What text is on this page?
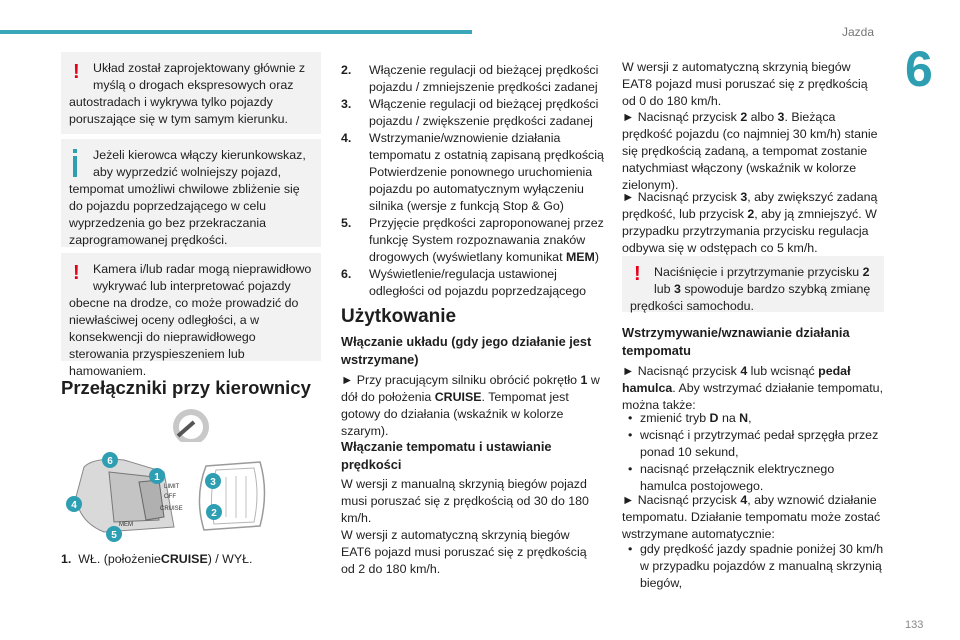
Jazda
6
133
!	Układ został zaprojektowany głównie z

myślą o drogach ekspresowych oraz

autostradach i wykrywa tylko pojazdy poruszające się w tym samym kierunku.

Jeżeli kierowca włączy kierunkowskaz,

aby wyprzedzić wolniejszy pojazd,

tempomat umożliwi chwilowe zbliżenie się do pojazdu poprzedzającego w celu wyprzedzenia go bez przekraczania zaprogramowanej prędkości.

!	Kamera i/lub radar mogą nieprawidłowo

wykrywać lub interpretować pojazdy

obecne na drodze, co może prowadzić do niewłaściwej oceny odległości, a w konsekwencji do nieprawidłowego sterowania przyspieszeniem lub hamowaniem.

Przełączniki przy kierownicy
LIMIT
OFF
CRUISE
MEM
6
1
4
5
3
2
1. WŁ. (położenieCRUISE) / WYŁ.
2. Włączenie regulacji od bieżącej prędkości pojazdu / zmniejszenie prędkości zadanej
3. Włączenie regulacji od bieżącej prędkości pojazdu / zwiększenie prędkości zadanej
4. Wstrzymanie/wznowienie działania tempomatu z ostatnią zapisaną prędkością Potwierdzenie ponownego uruchomienia pojazdu po automatycznym wyłączeniu silnika (wersje z funkcją Stop & Go)
5. Przyjęcie prędkości zaproponowanej przez funkcję System rozpoznawania znaków drogowych (wyświetlany komunikat MEM)
6. Wyświetlenie/regulacja ustawionej odległości od pojazdu poprzedzającego
Użytkowanie
Włączanie układu (gdy jego działanie jest wstrzymane)

► Przy pracującym silniku obrócić pokrętło 1 w dół do położenia CRUISE. Tempomat jest gotowy do działania (wskaźnik w kolorze szarym).

Włączanie tempomatu i ustawianie prędkości

W wersji z manualną skrzynią biegów pojazd musi poruszać się z prędkością od 30 do 180 km/h.

W wersji z automatyczną skrzynią biegów EAT6 pojazd musi poruszać się z prędkością od 2 do 180 km/h.

W wersji z automatyczną skrzynią biegów EAT8 pojazd musi poruszać się z prędkością od 0 do 180 km/h.

► Nacisnąć przycisk 2 albo 3. Bieżąca prędkość pojazdu (co najmniej 30 km/h) stanie się prędkością zadaną, a tempomat zostanie natychmiast włączony (wskaźnik w kolorze zielonym).

► Nacisnąć przycisk 3, aby zwiększyć zadaną prędkość, lub przycisk 2, aby ją zmniejszyć. W przypadku przytrzymania przycisku regulacja odbywa się w odstępach co 5 km/h.

!	Naciśnięcie i przytrzymanie przycisku 2

lub 3 spowoduje bardzo szybką zmianę

prędkości samochodu.

Wstrzymywanie/wznawianie działania tempomatu

► Nacisnąć przycisk 4 lub wcisnąć pedał hamulca. Aby wstrzymać działanie tempomatu, można także:

• zmienić tryb D na N,
• wcisnąć i przytrzymać pedał sprzęgła przez ponad 10 sekund,
• nacisnąć przełącznik elektrycznego hamulca postojowego.

► Nacisnąć przycisk 4, aby wznowić działanie tempomatu. Działanie tempomatu może zostać wstrzymane automatycznie:

• gdy prędkość jazdy spadnie poniżej 30 km/h w przypadku pojazdów z manualną skrzynią biegów,
